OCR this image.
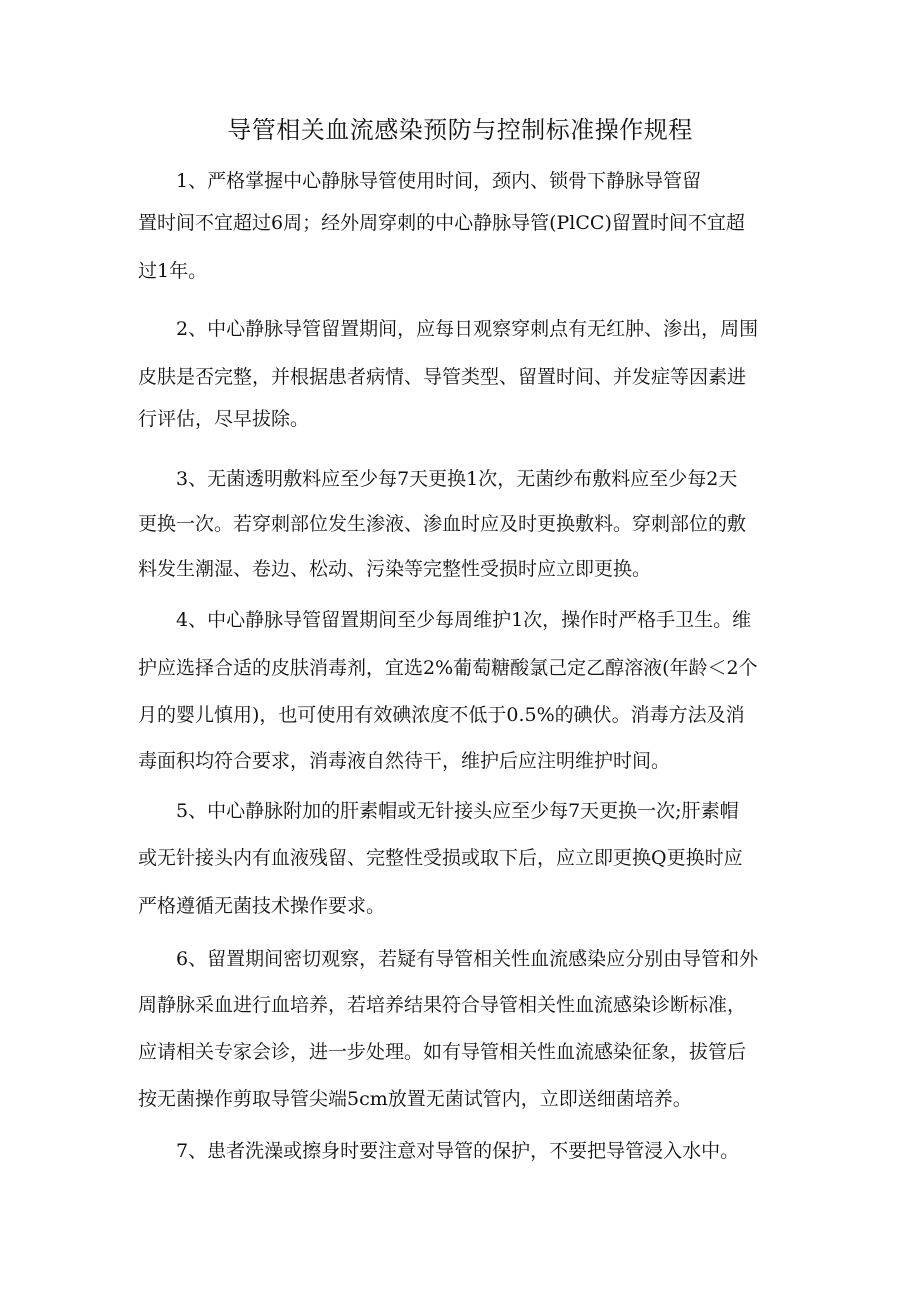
导管相关血流感染预防与控制标准操作规程

1、严格掌握中心静脉导管使用时间，颈内、锁骨下静脉导管留

置时间不宜超过6周；经外周穿刺的中心静脉导管(PlCC)留置时间不宜超

过1年。

2、中心静脉导管留置期间，应每日观察穿刺点有无红肿、渗出，周围

皮肤是否完整，并根据患者病情、导管类型、留置时间、并发症等因素进

行评估，尽早拔除。

3、无菌透明敷料应至少每7天更换1次，无菌纱布敷料应至少每2天

更换一次。若穿刺部位发生渗液、渗血时应及时更换敷料。穿刺部位的敷

料发生潮湿、卷边、松动、污染等完整性受损时应立即更换。

4、中心静脉导管留置期间至少每周维护1次，操作时严格手卫生。维

护应选择合适的皮肤消毒剂，宜选2%葡萄糖酸氯己定乙醇溶液(年龄＜2个

月的婴儿慎用)，也可使用有效碘浓度不低于0.5%的碘伏。消毒方法及消

毒面积均符合要求，消毒液自然待干，维护后应注明维护时间。

5、中心静脉附加的肝素帽或无针接头应至少每7天更换一次;肝素帽

或无针接头内有血液残留、完整性受损或取下后，应立即更换Q更换时应

严格遵循无菌技术操作要求。

6、留置期间密切观察，若疑有导管相关性血流感染应分别由导管和外

周静脉采血进行血培养，若培养结果符合导管相关性血流感染诊断标准，

应请相关专家会诊，进一步处理。如有导管相关性血流感染征象，拔管后

按无菌操作剪取导管尖端5cm放置无菌试管内，立即送细菌培养。

7、患者洗澡或擦身时要注意对导管的保护，不要把导管浸入水中。
